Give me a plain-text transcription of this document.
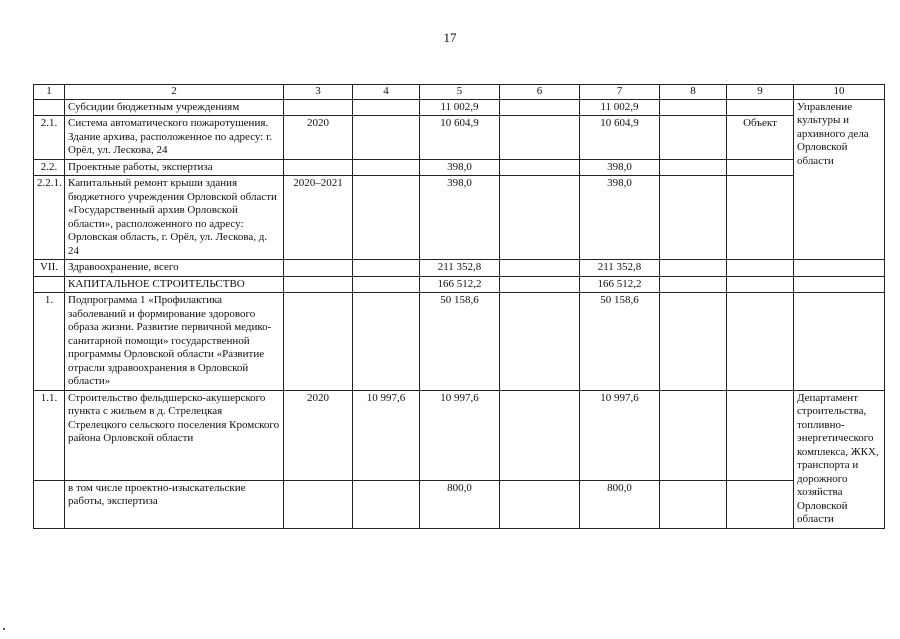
17
1	2	3	4	5	6	7	8	9	10
	Субсидии бюджетным учреждениям			11 002,9		11 002,9			Управление культуры и архивного дела Орловской области
2.1.	Система автоматического пожаротушения. Здание архива, расположенное по адресу: г. Орёл, ул. Лескова, 24	2020		10 604,9		10 604,9		Объект	
2.2.	Проектные работы, экспертиза			398,0		398,0			
2.2.1.	Капитальный ремонт крыши здания бюджетного учреждения Орловской области «Государственный архив Орловской области», расположенного по адресу: Орловская область, г. Орёл, ул. Лескова, д. 24	2020–2021		398,0		398,0			
VII.	Здравоохранение, всего			211 352,8		211 352,8			
	КАПИТАЛЬНОЕ СТРОИТЕЛЬСТВО			166 512,2		166 512,2			
1.	Подпрограмма 1 «Профилактика заболеваний и формирование здорового образа жизни. Развитие первичной медико-санитарной помощи» государственной программы Орловской области «Развитие отрасли здравоохранения в Орловской области»			50 158,6		50 158,6			
1.1.	Строительство фельдшерско-акушерского пункта с жильем в д. Стрелецкая Стрелецкого сельского поселения Кромского района Орловской области	2020	10 997,6	10 997,6		10 997,6			Департамент строительства, топливно-энергетического комплекса, ЖКХ, транспорта и дорожного хозяйства Орловской области
	в том числе проектно-изыскательские работы, экспертиза			800,0		800,0			
